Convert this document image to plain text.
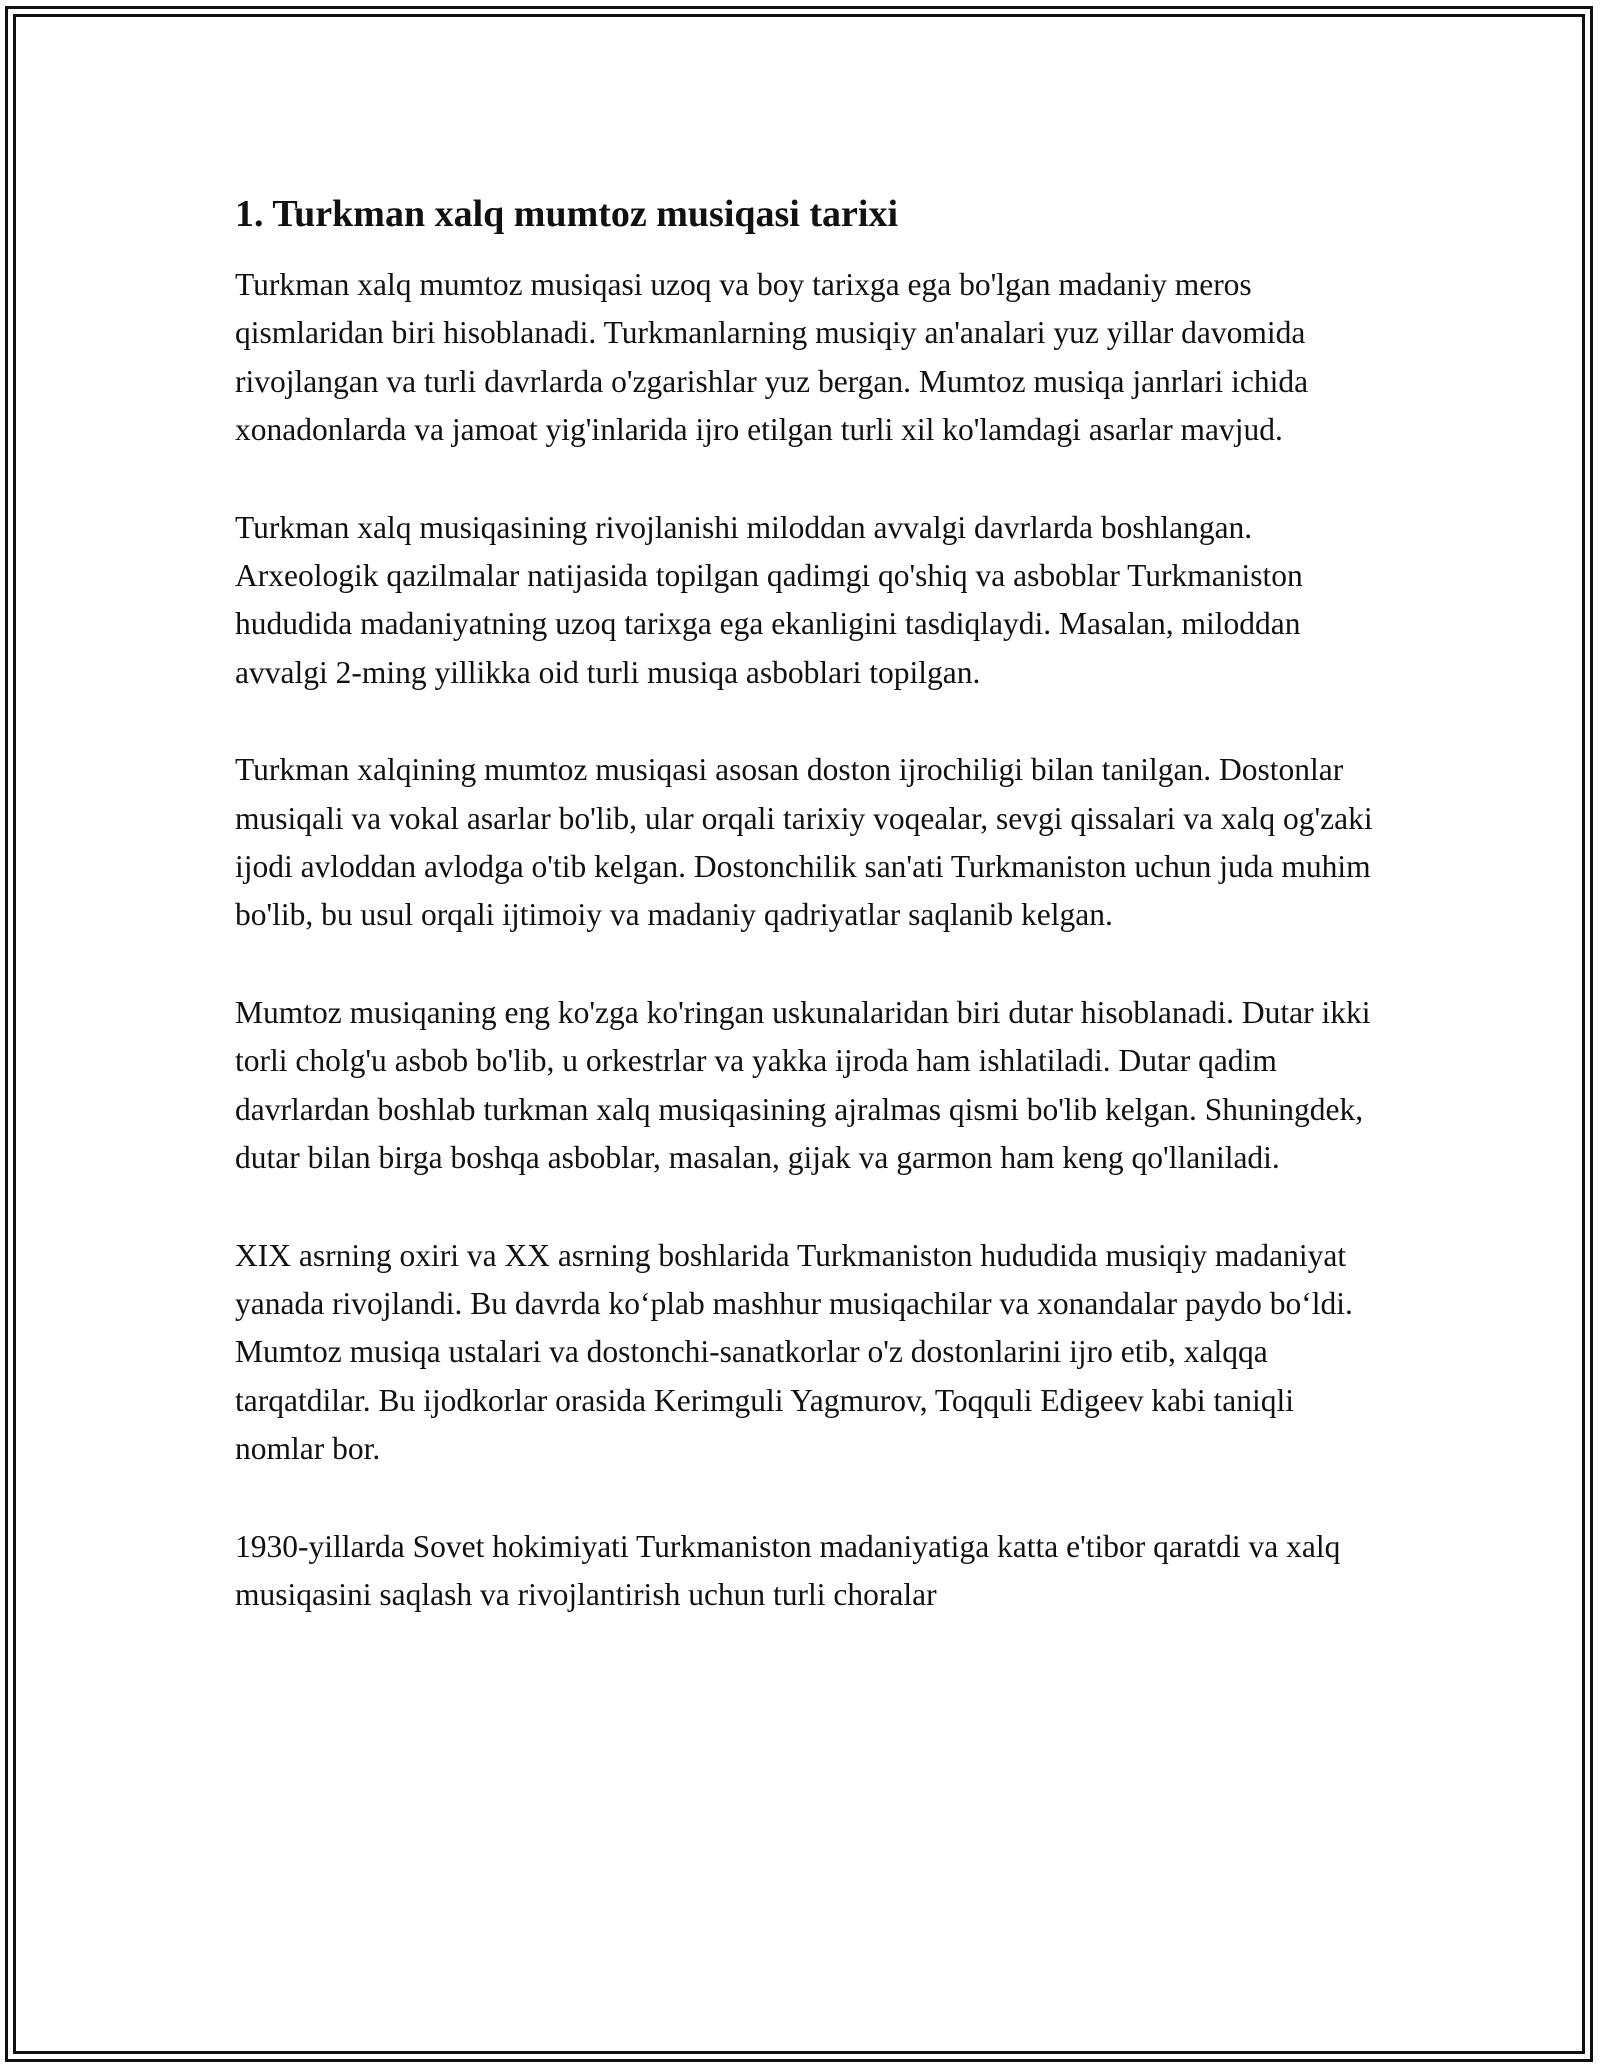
1. Turkman xalq mumtoz musiqasi tarixi

Turkman xalq mumtoz musiqasi uzoq va boy tarixga ega bo'lgan madaniy meros qismlaridan biri hisoblanadi. Turkmanlarning musiqiy an'analari yuz yillar davomida rivojlangan va turli davrlarda o'zgarishlar yuz bergan. Mumtoz musiqa janrlari ichida xonadonlarda va jamoat yig'inlarida ijro etilgan turli xil ko'lamdagi asarlar mavjud.

Turkman xalq musiqasining rivojlanishi miloddan avvalgi davrlarda boshlangan. Arxeologik qazilmalar natijasida topilgan qadimgi qo'shiq va asboblar Turkmaniston hududida madaniyatning uzoq tarixga ega ekanligini tasdiqlaydi. Masalan, miloddan avvalgi 2-ming yillikka oid turli musiqa asboblari topilgan.

Turkman xalqining mumtoz musiqasi asosan doston ijrochiligi bilan tanilgan. Dostonlar musiqali va vokal asarlar bo'lib, ular orqali tarixiy voqealar, sevgi qissalari va xalq og'zaki ijodi avloddan avlodga o'tib kelgan. Dostonchilik san'ati Turkmaniston uchun juda muhim bo'lib, bu usul orqali ijtimoiy va madaniy qadriyatlar saqlanib kelgan.

Mumtoz musiqaning eng ko'zga ko'ringan uskunalaridan biri dutar hisoblanadi. Dutar ikki torli cholg'u asbob bo'lib, u orkestrlar va yakka ijroda ham ishlatiladi. Dutar qadim davrlardan boshlab turkman xalq musiqasining ajralmas qismi bo'lib kelgan. Shuningdek, dutar bilan birga boshqa asboblar, masalan, gijak va garmon ham keng qo'llaniladi.

XIX asrning oxiri va XX asrning boshlarida Turkmaniston hududida musiqiy madaniyat yanada rivojlandi. Bu davrda ko‘plab mashhur musiqachilar va xonandalar paydo bo‘ldi. Mumtoz musiqa ustalari va dostonchi-sanatkorlar o'z dostonlarini ijro etib, xalqqa tarqatdilar. Bu ijodkorlar orasida Kerimguli Yagmurov, Toqquli Edigeev kabi taniqli nomlar bor.

1930-yillarda Sovet hokimiyati Turkmaniston madaniyatiga katta e'tibor qaratdi va xalq musiqasini saqlash va rivojlantirish uchun turli choralar
